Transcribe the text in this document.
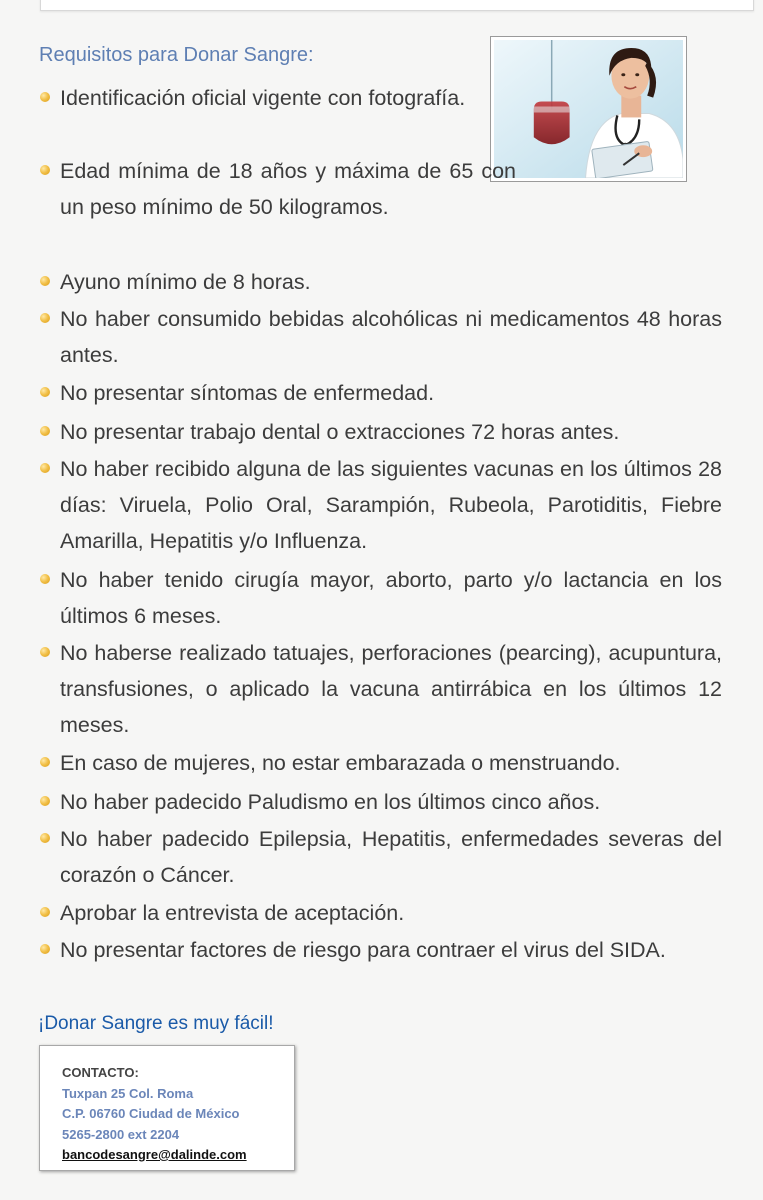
Requisitos para Donar Sangre:
Identificación oficial vigente con fotografía.
Edad mínima de 18 años y máxima de 65 con un peso mínimo de 50 kilogramos.
Ayuno mínimo de 8 horas.
No haber consumido bebidas alcohólicas ni medicamentos 48 horas antes.
No presentar síntomas de enfermedad.
No presentar trabajo dental o extracciones 72 horas antes.
No haber recibido alguna de las siguientes vacunas en los últimos 28 días: Viruela, Polio Oral, Sarampión, Rubeola, Parotiditis, Fiebre Amarilla, Hepatitis y/o Influenza.
No haber tenido cirugía mayor, aborto, parto y/o lactancia en los últimos 6 meses.
No haberse realizado tatuajes, perforaciones (pearcing), acupuntura, transfusiones, o aplicado la vacuna antirrábica en los últimos 12 meses.
En caso de mujeres, no estar embarazada o menstruando.
No haber padecido Paludismo en los últimos cinco años.
No haber padecido Epilepsia, Hepatitis, enfermedades severas del corazón o Cáncer.
Aprobar la entrevista de aceptación.
No presentar factores de riesgo para contraer el virus del SIDA.

¡Donar Sangre es muy fácil!

CONTACTO:
Tuxpan 25 Col. Roma
C.P. 06760 Ciudad de México
5265-2800 ext 2204
bancodesangre@dalinde.com
